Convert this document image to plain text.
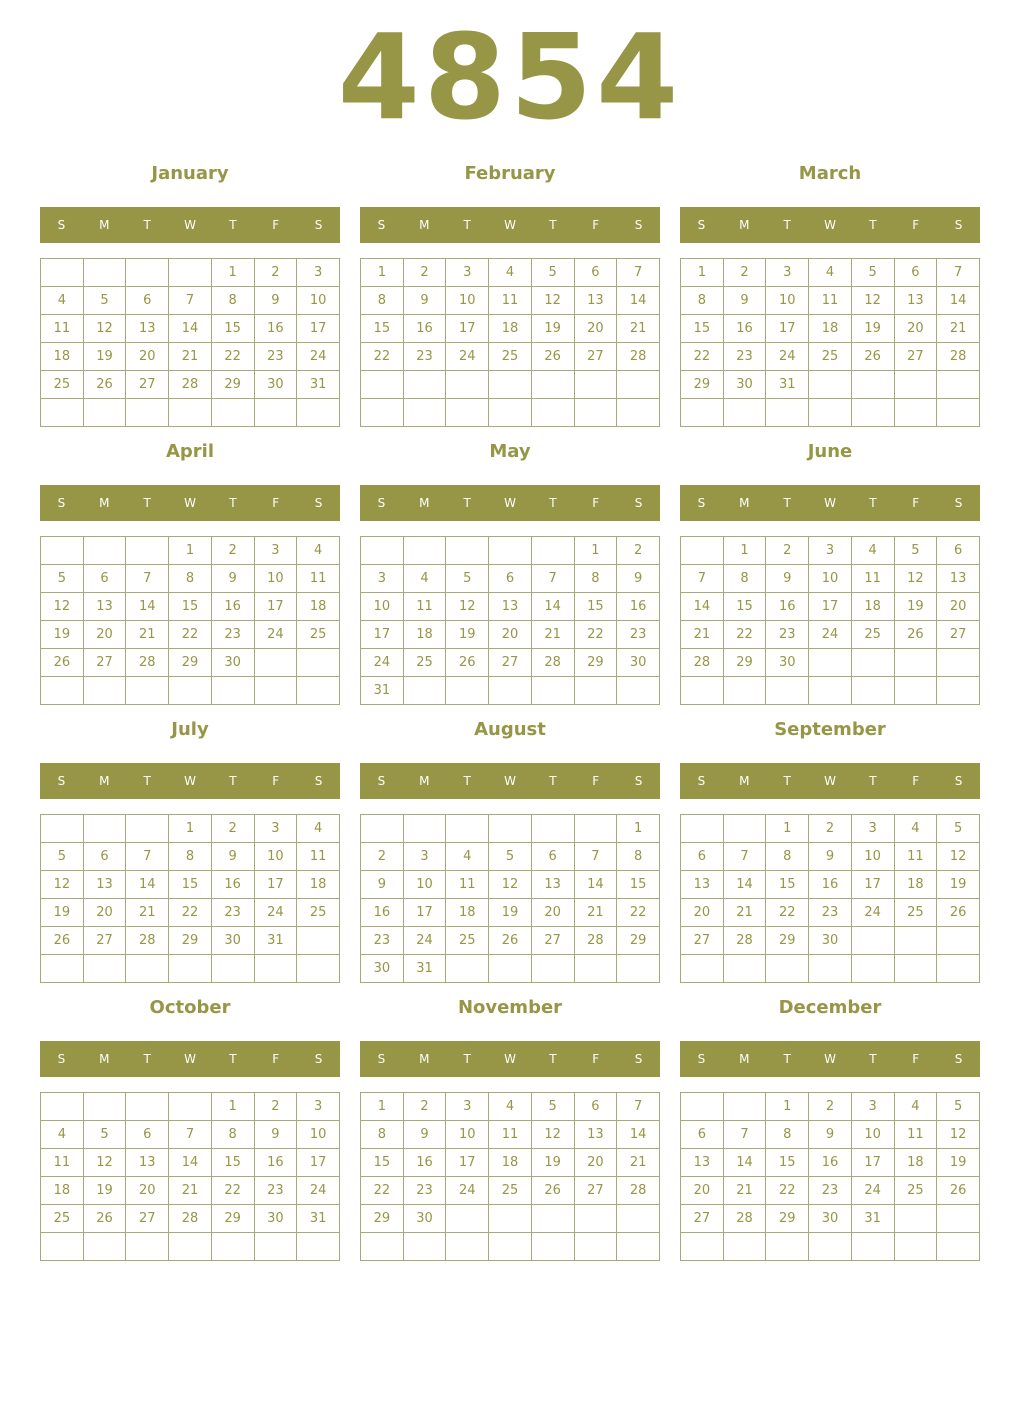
4854
January
S	M	T	W	T	F	S
				1	2	3
4	5	6	7	8	9	10
11	12	13	14	15	16	17
18	19	20	21	22	23	24
25	26	27	28	29	30	31

February
S	M	T	W	T	F	S
1	2	3	4	5	6	7
8	9	10	11	12	13	14
15	16	17	18	19	20	21
22	23	24	25	26	27	28

March
S	M	T	W	T	F	S
1	2	3	4	5	6	7
8	9	10	11	12	13	14
15	16	17	18	19	20	21
22	23	24	25	26	27	28
29	30	31				

April
S	M	T	W	T	F	S
			1	2	3	4
5	6	7	8	9	10	11
12	13	14	15	16	17	18
19	20	21	22	23	24	25
26	27	28	29	30		

May
S	M	T	W	T	F	S
					1	2
3	4	5	6	7	8	9
10	11	12	13	14	15	16
17	18	19	20	21	22	23
24	25	26	27	28	29	30
31						
June
S	M	T	W	T	F	S
	1	2	3	4	5	6
7	8	9	10	11	12	13
14	15	16	17	18	19	20
21	22	23	24	25	26	27
28	29	30				

July
S	M	T	W	T	F	S
			1	2	3	4
5	6	7	8	9	10	11
12	13	14	15	16	17	18
19	20	21	22	23	24	25
26	27	28	29	30	31	

August
S	M	T	W	T	F	S
						1
2	3	4	5	6	7	8
9	10	11	12	13	14	15
16	17	18	19	20	21	22
23	24	25	26	27	28	29
30	31					
September
S	M	T	W	T	F	S
		1	2	3	4	5
6	7	8	9	10	11	12
13	14	15	16	17	18	19
20	21	22	23	24	25	26
27	28	29	30			

October
S	M	T	W	T	F	S
				1	2	3
4	5	6	7	8	9	10
11	12	13	14	15	16	17
18	19	20	21	22	23	24
25	26	27	28	29	30	31

November
S	M	T	W	T	F	S
1	2	3	4	5	6	7
8	9	10	11	12	13	14
15	16	17	18	19	20	21
22	23	24	25	26	27	28
29	30					

December
S	M	T	W	T	F	S
		1	2	3	4	5
6	7	8	9	10	11	12
13	14	15	16	17	18	19
20	21	22	23	24	25	26
27	28	29	30	31		
